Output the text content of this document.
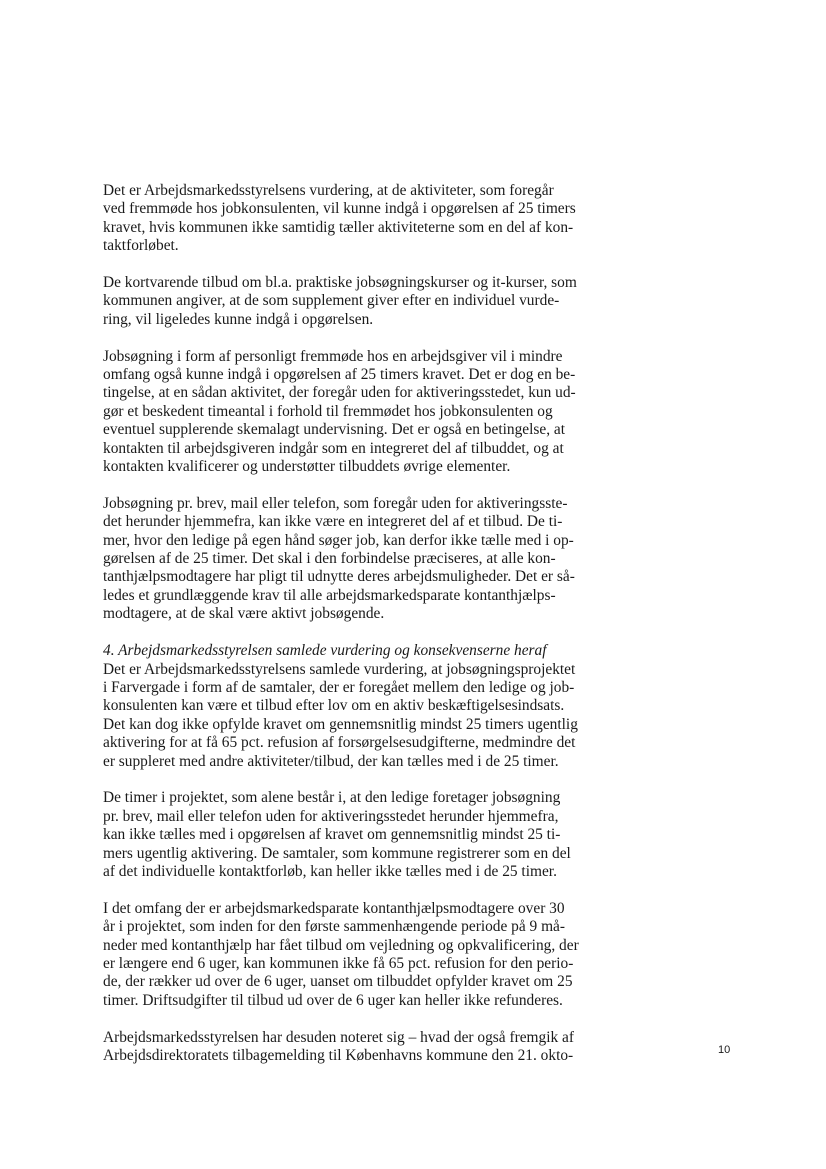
Det er Arbejdsmarkedsstyrelsens vurdering, at de aktiviteter, som foregår
ved fremmøde hos jobkonsulenten, vil kunne indgå i opgørelsen af 25 timers
kravet, hvis kommunen ikke samtidig tæller aktiviteterne som en del af kon-
taktforløbet.
De kortvarende tilbud om bl.a. praktiske jobsøgningskurser og it-kurser, som
kommunen angiver, at de som supplement giver efter en individuel vurde-
ring, vil ligeledes kunne indgå i opgørelsen.
Jobsøgning i form af personligt fremmøde hos en arbejdsgiver vil i mindre
omfang også kunne indgå i opgørelsen af 25 timers kravet. Det er dog en be-
tingelse, at en sådan aktivitet, der foregår uden for aktiveringsstedet, kun ud-
gør et beskedent timeantal i forhold til fremmødet hos jobkonsulenten og
eventuel supplerende skemalagt undervisning. Det er også en betingelse, at
kontakten til arbejdsgiveren indgår som en integreret del af tilbuddet, og at
kontakten kvalificerer og understøtter tilbuddets øvrige elementer.
Jobsøgning pr. brev, mail eller telefon, som foregår uden for aktiveringsste-
det herunder hjemmefra, kan ikke være en integreret del af et tilbud. De ti-
mer, hvor den ledige på egen hånd søger job, kan derfor ikke tælle med i op-
gørelsen af de 25 timer. Det skal i den forbindelse præciseres, at alle kon-
tanthjælpsmodtagere har pligt til udnytte deres arbejdsmuligheder. Det er så-
ledes et grundlæggende krav til alle arbejdsmarkedsparate kontanthjælps-
modtagere, at de skal være aktivt jobsøgende.
4. Arbejdsmarkedsstyrelsen samlede vurdering og konsekvenserne heraf
Det er Arbejdsmarkedsstyrelsens samlede vurdering, at jobsøgningsprojektet
i Farvergade i form af de samtaler, der er foregået mellem den ledige og job-
konsulenten kan være et tilbud efter lov om en aktiv beskæftigelsesindsats.
Det kan dog ikke opfylde kravet om gennemsnitlig mindst 25 timers ugentlig
aktivering for at få 65 pct. refusion af forsørgelsesudgifterne, medmindre det
er suppleret med andre aktiviteter/tilbud, der kan tælles med i de 25 timer.
De timer i projektet, som alene består i, at den ledige foretager jobsøgning
pr. brev, mail eller telefon uden for aktiveringsstedet herunder hjemmefra,
kan ikke tælles med i opgørelsen af kravet om gennemsnitlig mindst 25 ti-
mers ugentlig aktivering. De samtaler, som kommune registrerer som en del
af det individuelle kontaktforløb, kan heller ikke tælles med i de 25 timer.
I det omfang der er arbejdsmarkedsparate kontanthjælpsmodtagere over 30
år i projektet, som inden for den første sammenhængende periode på 9 må-
neder med kontanthjælp har fået tilbud om vejledning og opkvalificering, der
er længere end 6 uger, kan kommunen ikke få 65 pct. refusion for den perio-
de, der rækker ud over de 6 uger, uanset om tilbuddet opfylder kravet om 25
timer. Driftsudgifter til tilbud ud over de 6 uger kan heller ikke refunderes.
Arbejdsmarkedsstyrelsen har desuden noteret sig – hvad der også fremgik af
Arbejdsdirektoratets tilbagemelding til Københavns kommune den 21. okto-	10
